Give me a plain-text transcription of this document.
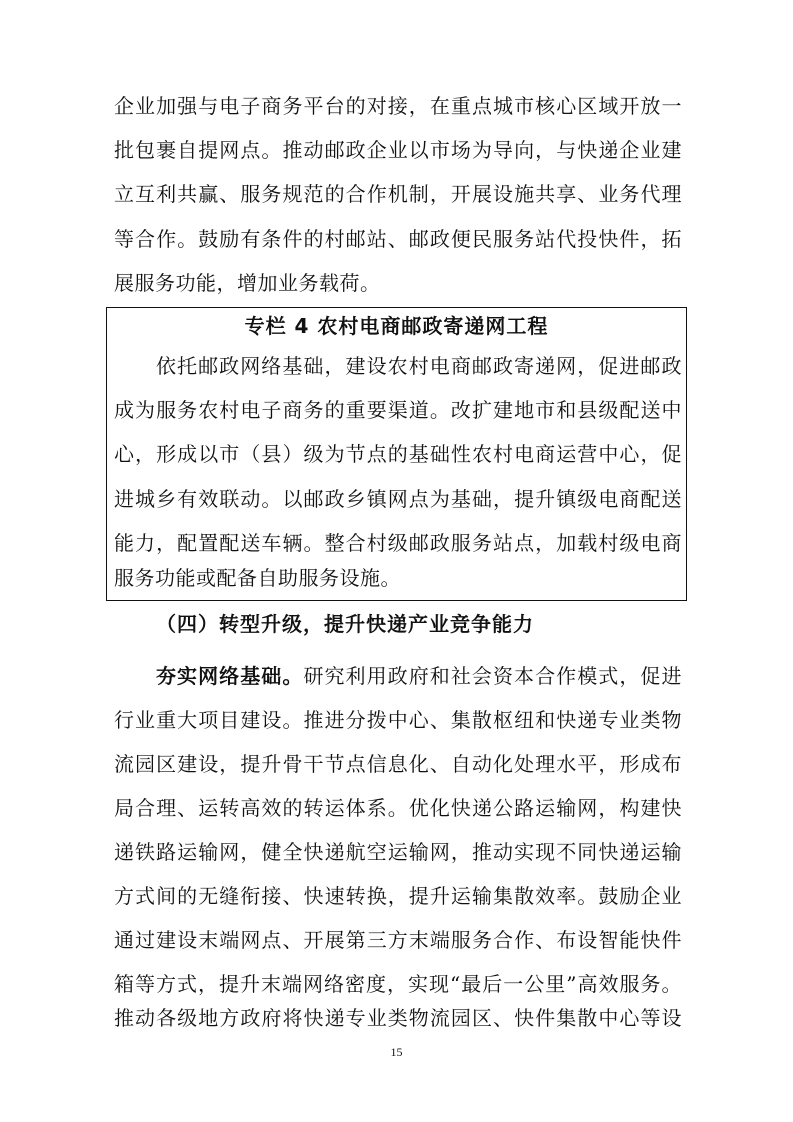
企业加强与电子商务平台的对接，在重点城市核心区域开放一
批包裹自提网点。推动邮政企业以市场为导向，与快递企业建
立互利共赢、服务规范的合作机制，开展设施共享、业务代理
等合作。鼓励有条件的村邮站、邮政便民服务站代投快件，拓
展服务功能，增加业务载荷。
专栏 4 农村电商邮政寄递网工程
依托邮政网络基础，建设农村电商邮政寄递网，促进邮政
成为服务农村电子商务的重要渠道。改扩建地市和县级配送中
心，形成以市（县）级为节点的基础性农村电商运营中心，促
进城乡有效联动。以邮政乡镇网点为基础，提升镇级电商配送
能力，配置配送车辆。整合村级邮政服务站点，加载村级电商
服务功能或配备自助服务设施。
（四）转型升级，提升快递产业竞争能力
夯实网络基础。研究利用政府和社会资本合作模式，促进
行业重大项目建设。推进分拨中心、集散枢纽和快递专业类物
流园区建设，提升骨干节点信息化、自动化处理水平，形成布
局合理、运转高效的转运体系。优化快递公路运输网，构建快
递铁路运输网，健全快递航空运输网，推动实现不同快递运输
方式间的无缝衔接、快速转换，提升运输集散效率。鼓励企业
通过建设末端网点、开展第三方末端服务合作、布设智能快件
箱等方式，提升末端网络密度，实现“最后一公里”高效服务。
推动各级地方政府将快递专业类物流园区、快件集散中心等设
15
